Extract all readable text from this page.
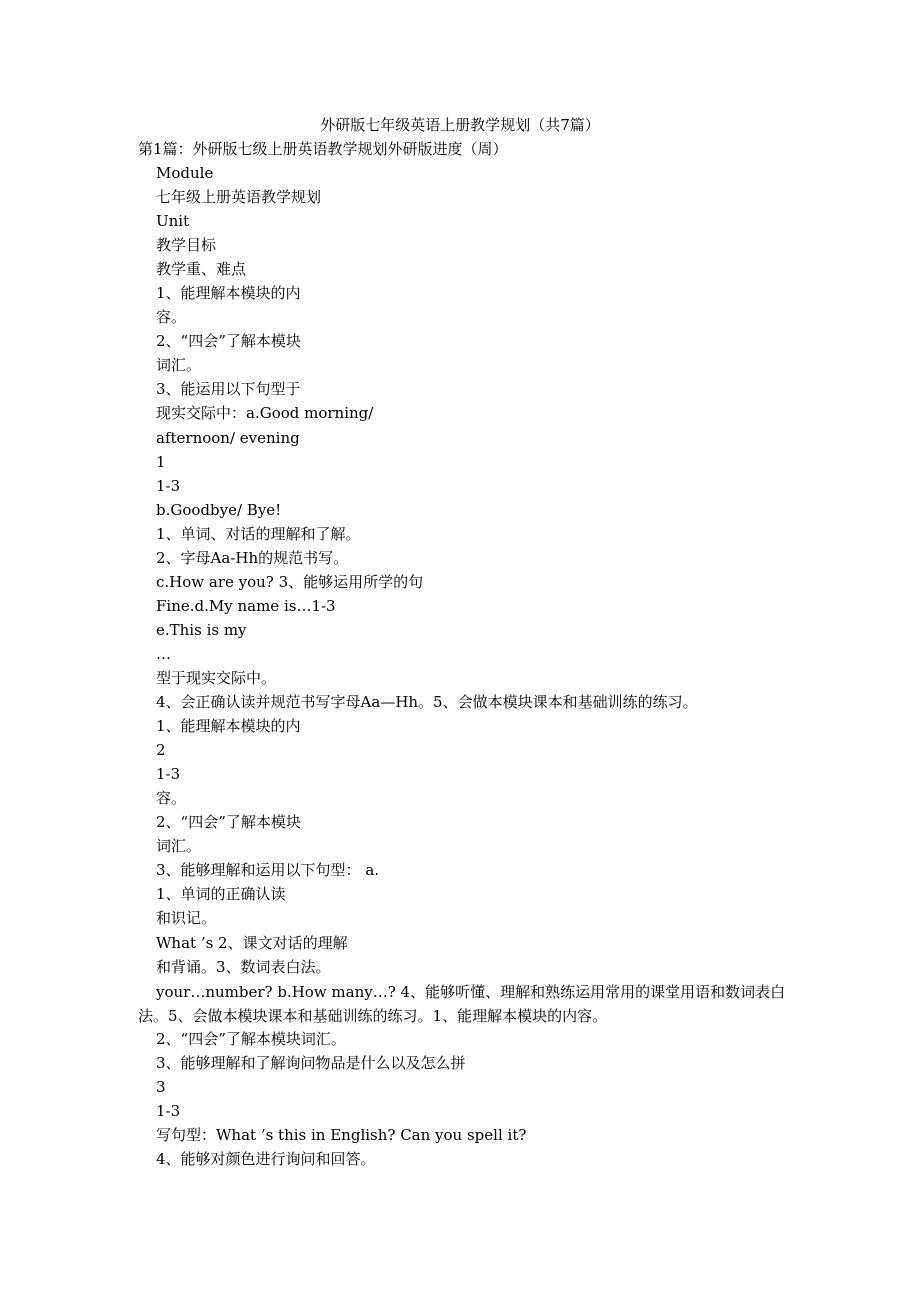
外研版七年级英语上册教学规划（共7篇）
第1篇：外研版七级上册英语教学规划外研版进度（周）
Module
七年级上册英语教学规划
Unit
教学目标
教学重、难点
1、能理解本模块的内
容。
2、“四会”了解本模块
词汇。
3、能运用以下句型于
现实交际中：a.Good morning/
afternoon/ evening
1
1-3
b.Goodbye/ Bye!
1、单词、对话的理解和了解。
2、字母Aa-Hh的规范书写。
c.How are you? 3、能够运用所学的句
Fine.d.My name is…1-3
e.This is my
…
型于现实交际中。
4、会正确认读并规范书写字母Aa—Hh。5、会做本模块课本和基础训练的练习。
1、能理解本模块的内
2
1-3
容。
2、“四会”了解本模块
词汇。
3、能够理解和运用以下句型： a.
1、单词的正确认读
和识记。
What ’s 2、课文对话的理解
和背诵。3、数词表白法。
your…number? b.How many…? 4、能够听懂、理解和熟练运用常用的课堂用语和数词表白法。5、会做本模块课本和基础训练的练习。1、能理解本模块的内容。
2、“四会”了解本模块词汇。
3、能够理解和了解询问物品是什么以及怎么拼
3
1-3
写句型：What ’s this in English? Can you spell it?
4、能够对颜色进行询问和回答。
